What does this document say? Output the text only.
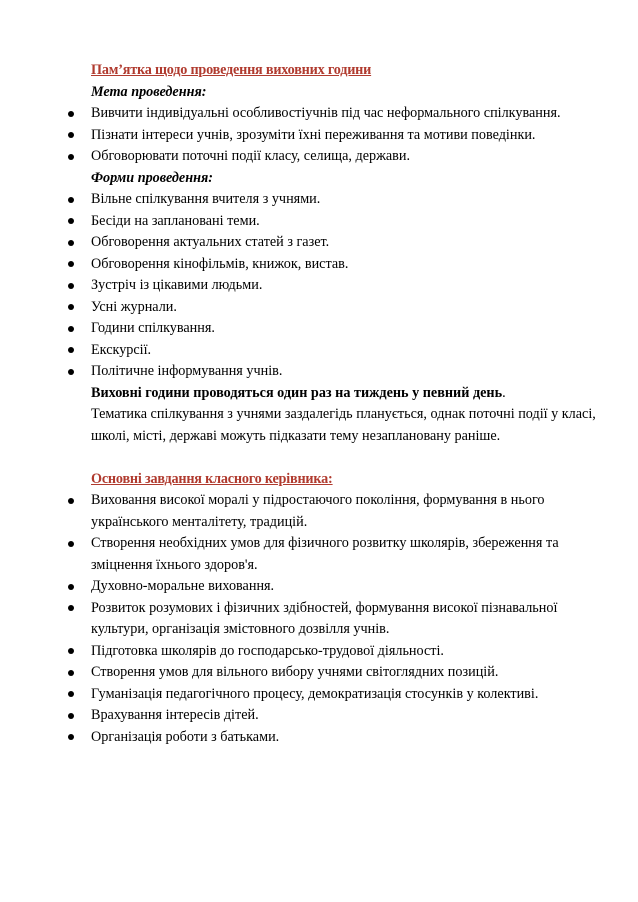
Пам’ятка щодо проведення виховних години
Мета проведення:
Вивчити індивідуальні особливостіучнів під час неформального спілкування.
Пізнати інтереси учнів, зрозуміти їхні переживання та мотиви поведінки.
Обговорювати поточні події класу, селища, держави.
Форми проведення:
Вільне спілкування вчителя з учнями.
Бесіди на заплановані теми.
Обговорення актуальних статей з газет.
Обговорення кінофільмів, книжок, вистав.
Зустріч із цікавими людьми.
Усні журнали.
Години спілкування.
Екскурсії.
Політичне інформування учнів.
Виховні години проводяться один раз на тиждень у певний день.
Тематика спілкування з учнями заздалегідь планується, однак поточні події у класі, школі, місті, державі можуть підказати тему незаплановану раніше.
Основні завдання класного керівника:
Виховання високої моралі у підростаючого покоління, формування в нього українського менталітету, традицій.
Створення необхідних умов для фізичного розвитку школярів, збереження та зміцнення їхнього здоров'я.
Духовно-моральне виховання.
Розвиток розумових і фізичних здібностей, формування високої пізнавальної культури, організація змістовного дозвілля учнів.
Підготовка школярів до господарсько-трудової діяльності.
Створення умов для вільного вибору учнями світоглядних позицій.
Гуманізація педагогічного процесу, демократизація стосунків у колективі.
Врахування інтересів дітей.
Організація роботи з батьками.
